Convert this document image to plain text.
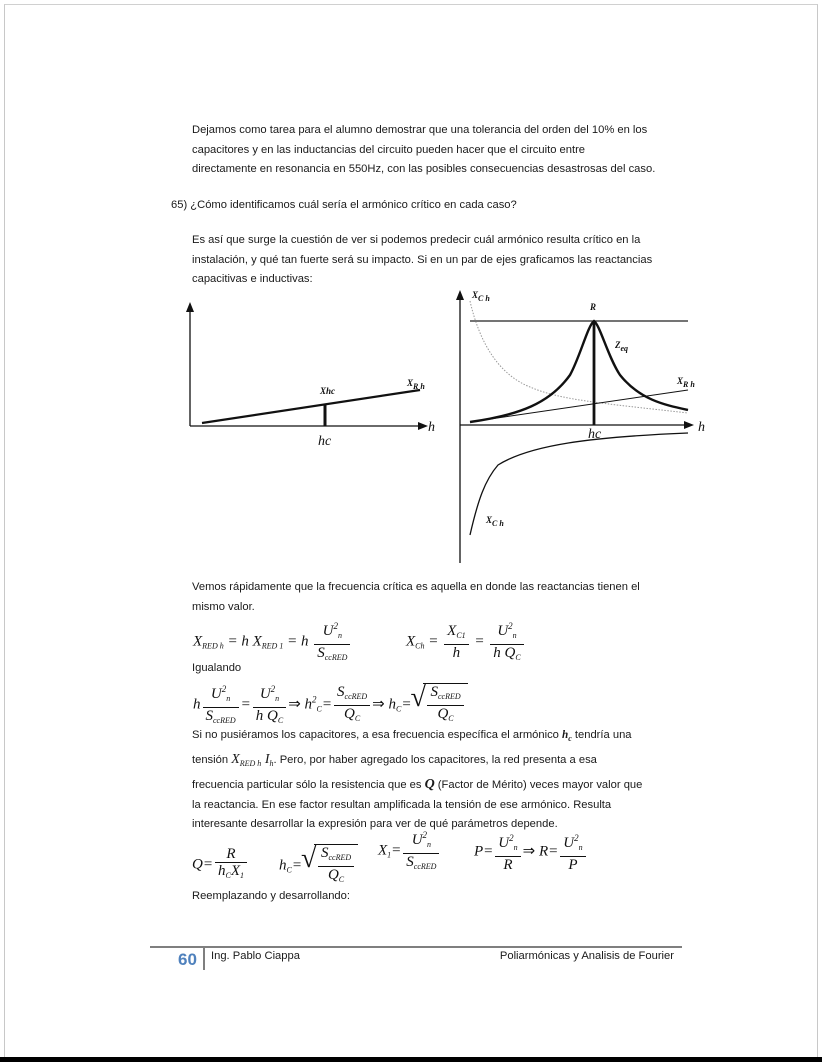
Dejamos como tarea para el alumno demostrar que una tolerancia del orden del 10% en los
capacitores y en las inductancias del circuito pueden hacer que el circuito entre
directamente en resonancia en 550Hz, con las posibles consecuencias desastrosas del caso.
65) ¿Cómo identificamos cuál sería el armónico crítico en cada caso?
Es así que surge la cuestión de ver si podemos predecir cuál armónico resulta crítico en la
instalación, y qué tan fuerte será su impacto. Si en un par de ejes graficamos las reactancias
capacitivas e inductivas:
Xhc
$X_{R h}$
h
hc
$X_{C h}$
R
$Z_{eq}$
$X_{R h}$
h
hc
$X_{C h}$
Vemos rápidamente que la frecuencia crítica es aquella en donde las reactancias tienen el
mismo valor.
$X_{RED h} = h$ $X_{RED 1} = h \frac{U^2_n}{S_{ccRED}}$	$X_{Ch} = \frac{X_{C1}}{h} = \frac{U^2_n}{h Q_C}$
Igualando
h $\frac{U^2_n}{S_{ccRED}} = \frac{U^2_n}{h Q_C}$ ⇒ $h^2_C= \frac{S_{ccRED}}{Q_C}$ ⇒ $h_C=$ √ $\frac{S_{ccRED}}{Q_C}$
Si no pusiéramos los capacitores, a esa frecuencia específica el armónico $h_c$ tendría una
tensión $X_{RED h}$ $I_h$. Pero, por haber agregado los capacitores, la red presenta a esa
frecuencia particular sólo la resistencia que es Q (Factor de Mérito) veces mayor valor que
la reactancia. En ese factor resultan amplificada la tensión de ese armónico. Resulta
interesante desarrollar la expresión para ver de qué parámetros depende.
$Q= \frac{R}{h_CX_1} h_C=$ √ $\frac{S_{ccRED}}{Q_C} X_1= \frac{U^2_n}{S_{ccRED}} P= \frac{U^2_n}{R}$ ⇒ $R= \frac{U^2_n}{P}$
Reemplazando y desarrollando:
60 Ing. Pablo Ciappa	Poliarmónicas y Analisis de Fourier
